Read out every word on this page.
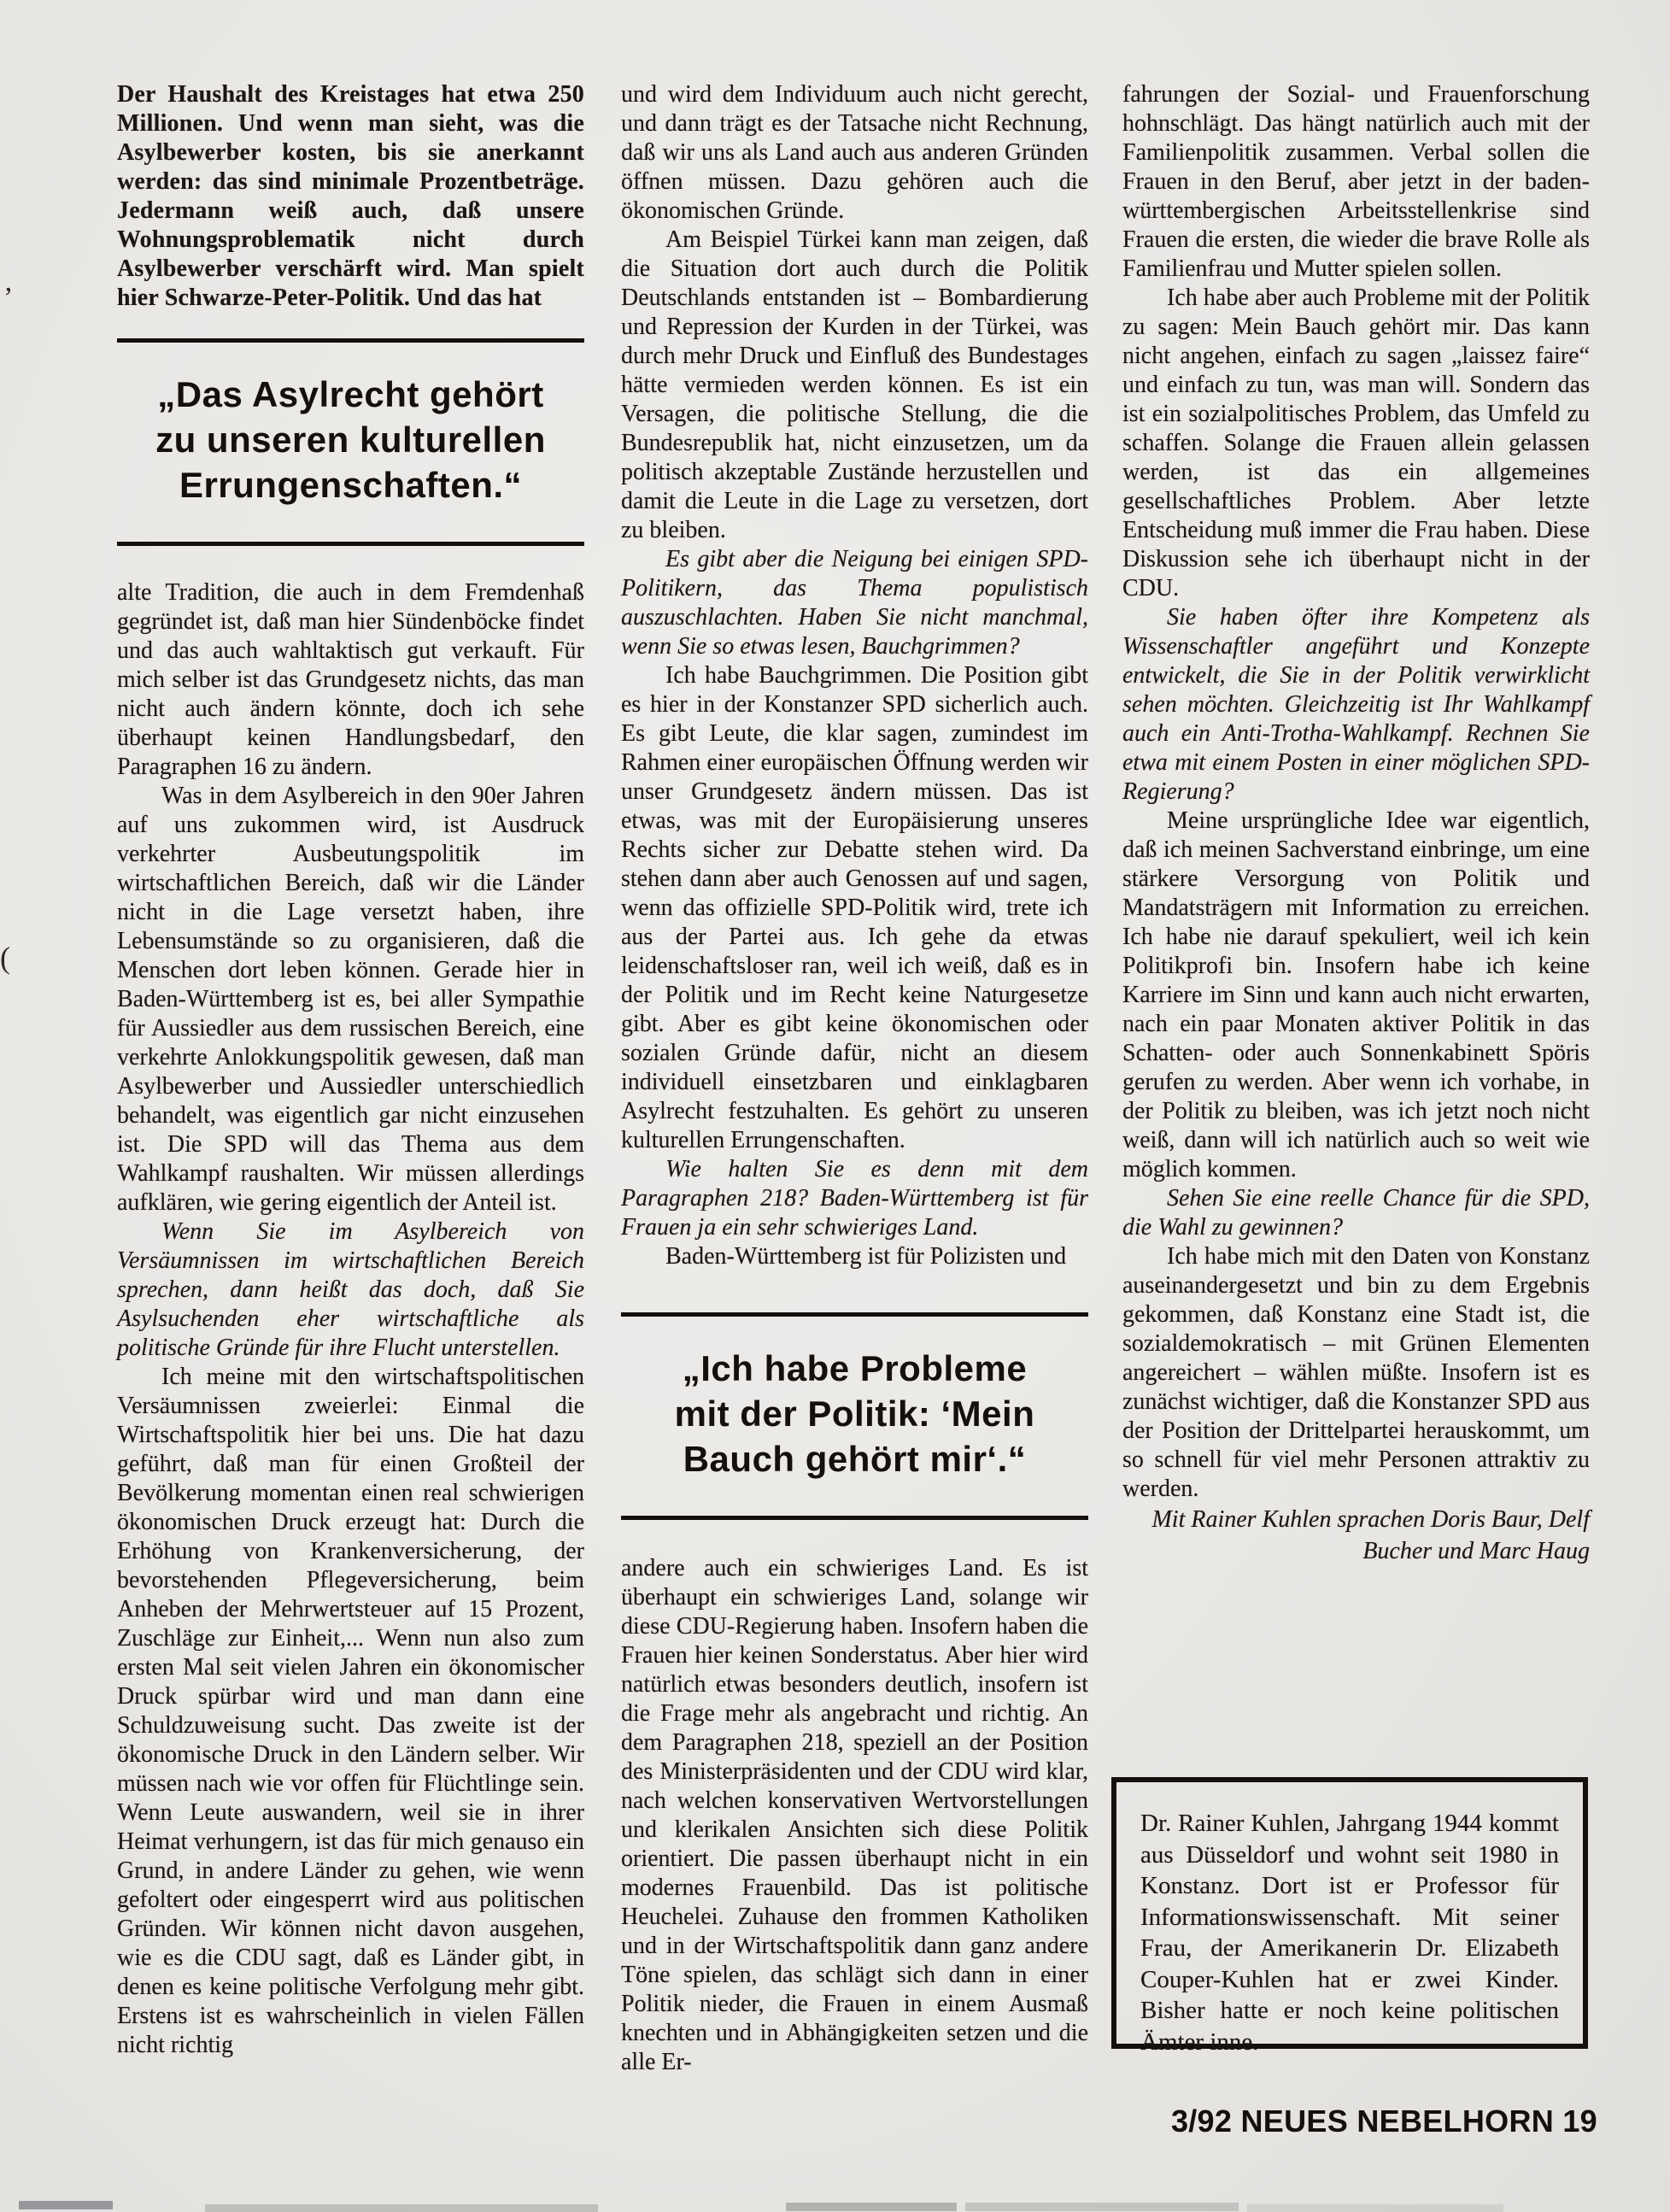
Der Haushalt des Kreistages hat etwa 250 Millionen. Und wenn man sieht, was die Asylbewerber kosten, bis sie anerkannt werden: das sind minimale Prozentbeträge. Jedermann weiß auch, daß unsere Wohnungsproblematik nicht durch Asylbewerber verschärft wird. Man spielt hier Schwarze-Peter-Politik. Und das hat

„Das Asylrecht gehört
zu unseren kulturellen
Errungenschaften.“

alte Tradition, die auch in dem Fremdenhaß gegründet ist, daß man hier Sündenböcke findet und das auch wahltaktisch gut verkauft. Für mich selber ist das Grundgesetz nichts, das man nicht auch ändern könnte, doch ich sehe überhaupt keinen Handlungsbedarf, den Paragraphen 16 zu ändern.

Was in dem Asylbereich in den 90er Jahren auf uns zukommen wird, ist Ausdruck verkehrter Ausbeutungspolitik im wirtschaftlichen Bereich, daß wir die Länder nicht in die Lage versetzt haben, ihre Lebensumstände so zu organisieren, daß die Menschen dort leben können. Gerade hier in Baden-Württemberg ist es, bei aller Sympathie für Aussiedler aus dem russischen Bereich, eine verkehrte Anlokkungspolitik gewesen, daß man Asylbewerber und Aussiedler unterschiedlich behandelt, was eigentlich gar nicht einzusehen ist. Die SPD will das Thema aus dem Wahlkampf raushalten. Wir müssen allerdings aufklären, wie gering eigentlich der Anteil ist.

Wenn Sie im Asylbereich von Versäumnissen im wirtschaftlichen Bereich sprechen, dann heißt das doch, daß Sie Asylsuchenden eher wirtschaftliche als politische Gründe für ihre Flucht unterstellen.

Ich meine mit den wirtschaftspolitischen Versäumnissen zweierlei: Einmal die Wirtschaftspolitik hier bei uns. Die hat dazu geführt, daß man für einen Großteil der Bevölkerung momentan einen real schwierigen ökonomischen Druck erzeugt hat: Durch die Erhöhung von Krankenversicherung, der bevorstehenden Pflegeversicherung, beim Anheben der Mehrwertsteuer auf 15 Prozent, Zuschläge zur Einheit,... Wenn nun also zum ersten Mal seit vielen Jahren ein ökonomischer Druck spürbar wird und man dann eine Schuldzuweisung sucht. Das zweite ist der ökonomische Druck in den Ländern selber. Wir müssen nach wie vor offen für Flüchtlinge sein. Wenn Leute auswandern, weil sie in ihrer Heimat verhungern, ist das für mich genauso ein Grund, in andere Länder zu gehen, wie wenn gefoltert oder eingesperrt wird aus politischen Gründen. Wir können nicht davon ausgehen, wie es die CDU sagt, daß es Länder gibt, in denen es keine politische Verfolgung mehr gibt. Erstens ist es wahrscheinlich in vielen Fällen nicht richtig

und wird dem Individuum auch nicht gerecht, und dann trägt es der Tatsache nicht Rechnung, daß wir uns als Land auch aus anderen Gründen öffnen müssen. Dazu gehören auch die ökonomischen Gründe.

Am Beispiel Türkei kann man zeigen, daß die Situation dort auch durch die Politik Deutschlands entstanden ist – Bombardierung und Repression der Kurden in der Türkei, was durch mehr Druck und Einfluß des Bundestages hätte vermieden werden können. Es ist ein Versagen, die politische Stellung, die die Bundesrepublik hat, nicht einzusetzen, um da politisch akzeptable Zustände herzustellen und damit die Leute in die Lage zu versetzen, dort zu bleiben.

Es gibt aber die Neigung bei einigen SPD-Politikern, das Thema populistisch auszuschlachten. Haben Sie nicht manchmal, wenn Sie so etwas lesen, Bauchgrimmen?

Ich habe Bauchgrimmen. Die Position gibt es hier in der Konstanzer SPD sicherlich auch. Es gibt Leute, die klar sagen, zumindest im Rahmen einer europäischen Öffnung werden wir unser Grundgesetz ändern müssen. Das ist etwas, was mit der Europäisierung unseres Rechts sicher zur Debatte stehen wird. Da stehen dann aber auch Genossen auf und sagen, wenn das offizielle SPD-Politik wird, trete ich aus der Partei aus. Ich gehe da etwas leidenschaftsloser ran, weil ich weiß, daß es in der Politik und im Recht keine Naturgesetze gibt. Aber es gibt keine ökonomischen oder sozialen Gründe dafür, nicht an diesem individuell einsetzbaren und einklagbaren Asylrecht festzuhalten. Es gehört zu unseren kulturellen Errungenschaften.

Wie halten Sie es denn mit dem Paragraphen 218? Baden-Württemberg ist für Frauen ja ein sehr schwieriges Land.

Baden-Württemberg ist für Polizisten und

„Ich habe Probleme
mit der Politik: ‘Mein
Bauch gehört mir‘.“

andere auch ein schwieriges Land. Es ist überhaupt ein schwieriges Land, solange wir diese CDU-Regierung haben. Insofern haben die Frauen hier keinen Sonderstatus. Aber hier wird natürlich etwas besonders deutlich, insofern ist die Frage mehr als angebracht und richtig. An dem Paragraphen 218, speziell an der Position des Ministerpräsidenten und der CDU wird klar, nach welchen konservativen Wertvorstellungen und klerikalen Ansichten sich diese Politik orientiert. Die passen überhaupt nicht in ein modernes Frauenbild. Das ist politische Heuchelei. Zuhause den frommen Katholiken und in der Wirtschaftspolitik dann ganz andere Töne spielen, das schlägt sich dann in einer Politik nieder, die Frauen in einem Ausmaß knechten und in Abhängigkeiten setzen und die alle Er-

fahrungen der Sozial- und Frauenforschung hohnschlägt. Das hängt natürlich auch mit der Familienpolitik zusammen. Verbal sollen die Frauen in den Beruf, aber jetzt in der baden-württembergischen Arbeitsstellenkrise sind Frauen die ersten, die wieder die brave Rolle als Familienfrau und Mutter spielen sollen.

Ich habe aber auch Probleme mit der Politik zu sagen: Mein Bauch gehört mir. Das kann nicht angehen, einfach zu sagen „laissez faire“ und einfach zu tun, was man will. Sondern das ist ein sozialpolitisches Problem, das Umfeld zu schaffen. Solange die Frauen allein gelassen werden, ist das ein allgemeines gesellschaftliches Problem. Aber letzte Entscheidung muß immer die Frau haben. Diese Diskussion sehe ich überhaupt nicht in der CDU.

Sie haben öfter ihre Kompetenz als Wissenschaftler angeführt und Konzepte entwickelt, die Sie in der Politik verwirklicht sehen möchten. Gleichzeitig ist Ihr Wahlkampf auch ein Anti-Trotha-Wahlkampf. Rechnen Sie etwa mit einem Posten in einer möglichen SPD-Regierung?

Meine ursprüngliche Idee war eigentlich, daß ich meinen Sachverstand einbringe, um eine stärkere Versorgung von Politik und Mandatsträgern mit Information zu erreichen. Ich habe nie darauf spekuliert, weil ich kein Politikprofi bin. Insofern habe ich keine Karriere im Sinn und kann auch nicht erwarten, nach ein paar Monaten aktiver Politik in das Schatten- oder auch Sonnenkabinett Spöris gerufen zu werden. Aber wenn ich vorhabe, in der Politik zu bleiben, was ich jetzt noch nicht weiß, dann will ich natürlich auch so weit wie möglich kommen.

Sehen Sie eine reelle Chance für die SPD, die Wahl zu gewinnen?

Ich habe mich mit den Daten von Konstanz auseinandergesetzt und bin zu dem Ergebnis gekommen, daß Konstanz eine Stadt ist, die sozialdemokratisch – mit Grünen Elementen angereichert – wählen müßte. Insofern ist es zunächst wichtiger, daß die Konstanzer SPD aus der Position der Drittelpartei herauskommt, um so schnell für viel mehr Personen attraktiv zu werden.

Mit Rainer Kuhlen sprachen Doris Baur, Delf
Bucher und Marc Haug

Dr. Rainer Kuhlen, Jahrgang 1944 kommt aus Düsseldorf und wohnt seit 1980 in Konstanz. Dort ist er Professor für Informationswissenschaft. Mit seiner Frau, der Amerikanerin Dr. Elizabeth Couper-Kuhlen hat er zwei Kinder. Bisher hatte er noch keine politischen Ämter inne.

3/92 NEUES NEBELHORN 19
’
(
